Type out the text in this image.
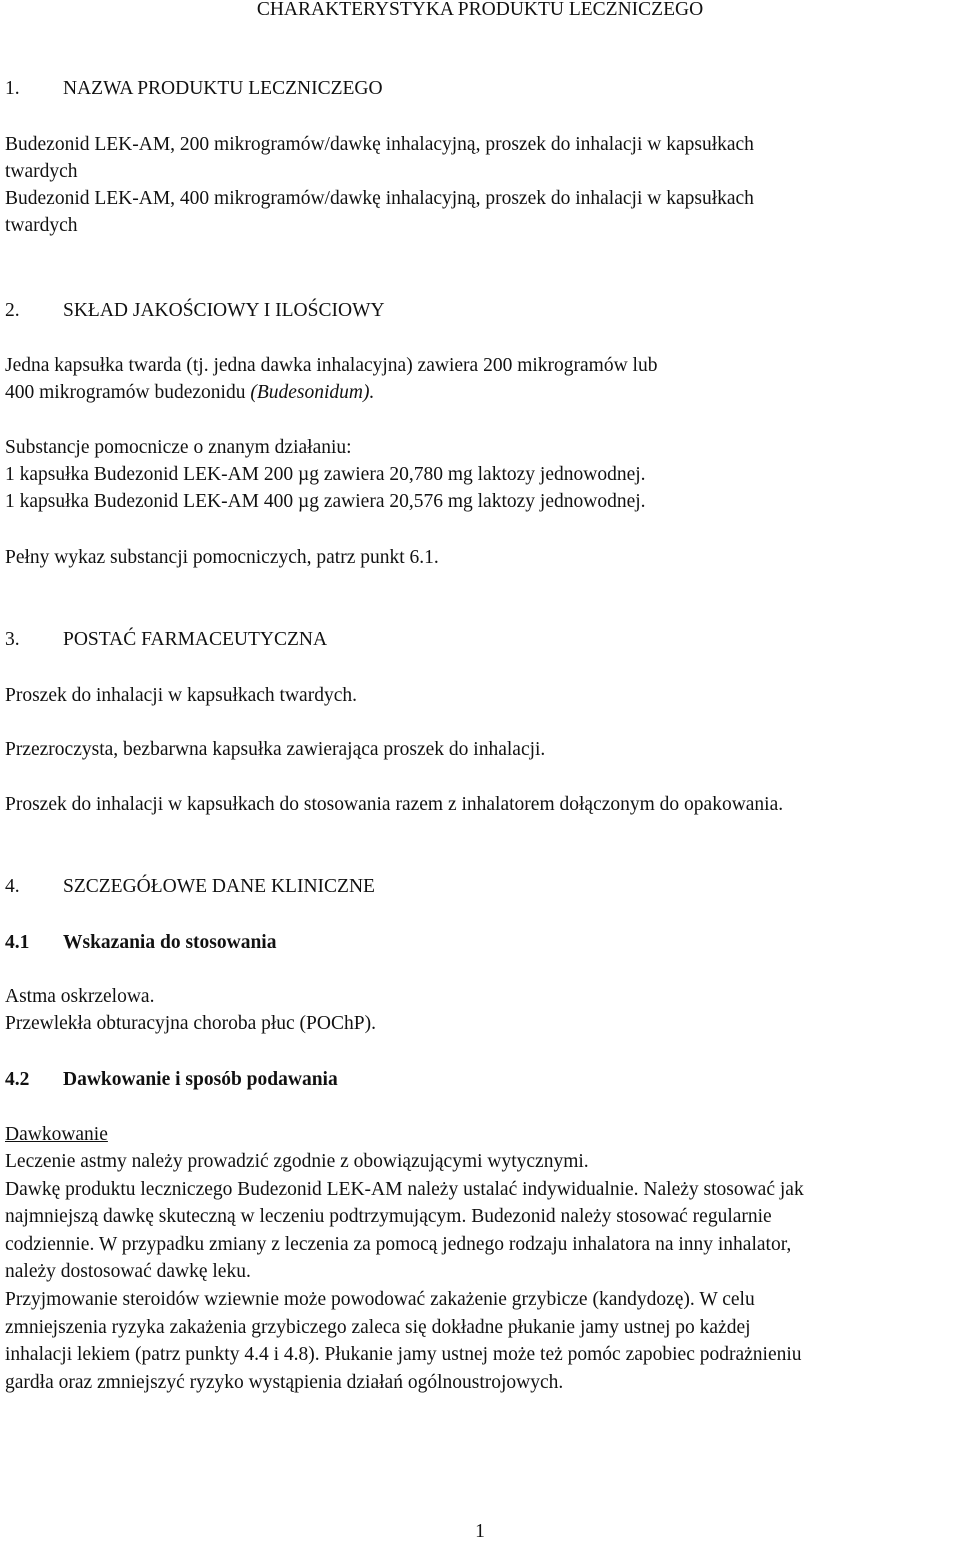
CHARAKTERYSTYKA PRODUKTU LECZNICZEGO
1. NAZWA PRODUKTU LECZNICZEGO
Budezonid LEK-AM, 200 mikrogramów/dawkę inhalacyjną, proszek do inhalacji w kapsułkach
twardych
Budezonid LEK-AM, 400 mikrogramów/dawkę inhalacyjną, proszek do inhalacji w kapsułkach
twardych
2. SKŁAD JAKOŚCIOWY I ILOŚCIOWY
Jedna kapsułka twarda (tj. jedna dawka inhalacyjna) zawiera 200 mikrogramów lub
400 mikrogramów budezonidu (Budesonidum).
Substancje pomocnicze o znanym działaniu:
1 kapsułka Budezonid LEK-AM 200 µg zawiera 20,780 mg laktozy jednowodnej.
1 kapsułka Budezonid LEK-AM 400 µg zawiera 20,576 mg laktozy jednowodnej.
Pełny wykaz substancji pomocniczych, patrz punkt 6.1.
3. POSTAĆ FARMACEUTYCZNA
Proszek do inhalacji w kapsułkach twardych.
Przezroczysta, bezbarwna kapsułka zawierająca proszek do inhalacji.
Proszek do inhalacji w kapsułkach do stosowania razem z inhalatorem dołączonym do opakowania.
4. SZCZEGÓŁOWE DANE KLINICZNE
4.1 Wskazania do stosowania
Astma oskrzelowa.
Przewlekła obturacyjna choroba płuc (POChP).
4.2 Dawkowanie i sposób podawania
Dawkowanie
Leczenie astmy należy prowadzić zgodnie z obowiązującymi wytycznymi.
Dawkę produktu leczniczego Budezonid LEK-AM należy ustalać indywidualnie. Należy stosować jak
najmniejszą dawkę skuteczną w leczeniu podtrzymującym. Budezonid należy stosować regularnie
codziennie. W przypadku zmiany z leczenia za pomocą jednego rodzaju inhalatora na inny inhalator,
należy dostosować dawkę leku.
Przyjmowanie steroidów wziewnie może powodować zakażenie grzybicze (kandydozę). W celu
zmniejszenia ryzyka zakażenia grzybiczego zaleca się dokładne płukanie jamy ustnej po każdej
inhalacji lekiem (patrz punkty 4.4 i 4.8). Płukanie jamy ustnej może też pomóc zapobiec podrażnieniu
gardła oraz zmniejszyć ryzyko wystąpienia działań ogólnoustrojowych.
1
